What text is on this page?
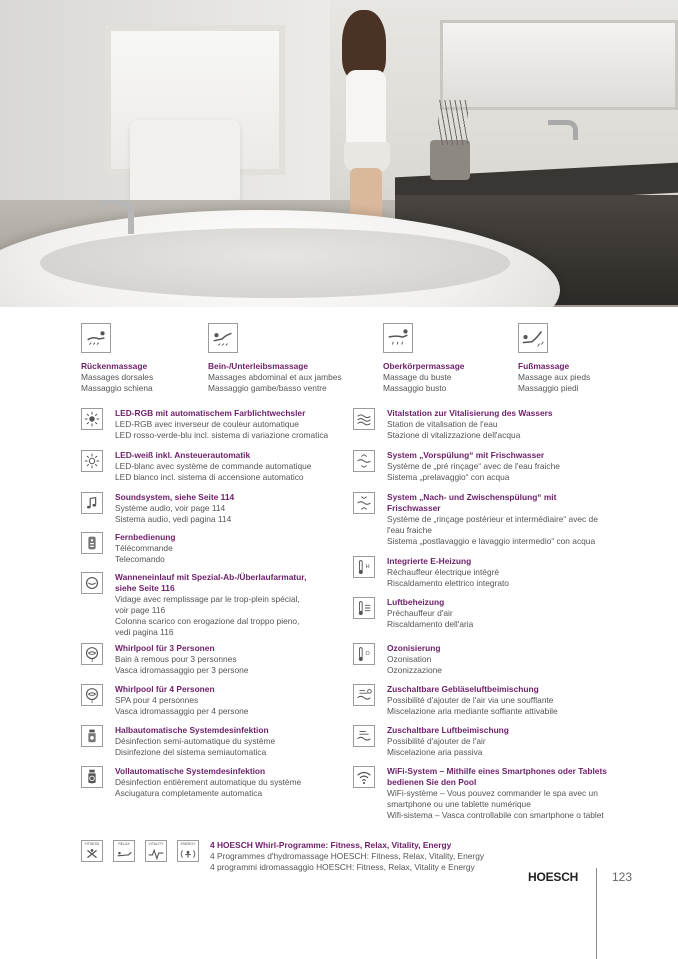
Rückenmassage
Massages dorsales
Massaggio schiena
Bein-/Unterleibsmassage
Massages abdominal et aux jambes
Massaggio gambe/basso ventre
Oberkörpermassage
Massage du buste
Massaggio busto
Fußmassage
Massage aux pieds
Massaggio piedi
LED-RGB mit automatischem Farblichtwechsler
LED-RGB avec inverseur de couleur automatique
LED rosso-verde-blu incl. sistema di variazione cromatica
LED-weiß inkl. Ansteuerautomatik
LED-blanc avec système de commande automatique
LED bianco incl. sistema di accensione automatico
Soundsystem, siehe Seite 114
Système audio, voir page 114
Sistema audio, vedi pagina 114
Fernbedienung
Télécommande
Telecomando
Wanneneinlauf mit Spezial-Ab-/Überlaufarmatur,
siehe Seite 116
Vidage avec remplissage par le trop-plein spécial,
voir page 116
Colonna scarico con erogazione dal troppo pieno,
vedi pagina 116
3
Whirlpool für 3 Personen
Bain à remous pour 3 personnes
Vasca idromassaggio per 3 persone
4
Whirlpool für 4 Personen
SPA pour 4 personnes
Vasca idromassaggio per 4 persone
Halbautomatische Systemdesinfektion
Désinfection semi-automatique du système
Disinfezione del sistema semiautomatica
Vollautomatische Systemdesinfektion
Désinfection entièrement automatique du système
Asciugatura completamente automatica
Vitalstation zur Vitalisierung des Wassers
Station de vitalisation de l'eau
Stazione di vitalizzazione dell'acqua
System „Vorspülung“ mit Frischwasser
Système de „pré rinçage“ avec de l'eau fraiche
Sistema „prelavaggio“ con acqua
System „Nach- und Zwischenspülung“ mit
Frischwasser
Système de „rinçage postérieur et intermédiaire“ avec de
l'eau fraiche
Sistema „postlavaggio e lavaggio intermedio“ con acqua
H
Integrierte E-Heizung
Réchauffeur électrique intégré
Riscaldamento elettrico integrato
Luftbeheizung
Préchauffeur d'air
Riscaldamento dell'aria
O
Ozonisierung
Ozonisation
Ozonizzazione
Zuschaltbare Gebläseluftbeimischung
Possibilité d'ajouter de l'air via une soufflante
Miscelazione aria mediante soffiante attivabile
Zuschaltbare Luftbeimischung
Possibilité d'ajouter de l'air
Miscelazione aria passiva
WiFi-System – Mithilfe eines Smartphones oder Tablets
bedienen Sie den Pool
WiFi-système – Vous pouvez commander le spa avec un
smartphone ou une tablette numérique
Wifi-sistema – Vasca controllabile con smartphone o tablet
FITNESS	RELAX	VITALITY	ENERGY 4 HOESCH Whirl-Programme: Fitness, Relax, Vitality, Energy
4 Programmes d'hydromassage HOESCH: Fitness, Relax, Vitality, Energy
4 programmi idromassaggio HOESCH: Fitness, Relax, Vitality e Energy
HOESCH	123
